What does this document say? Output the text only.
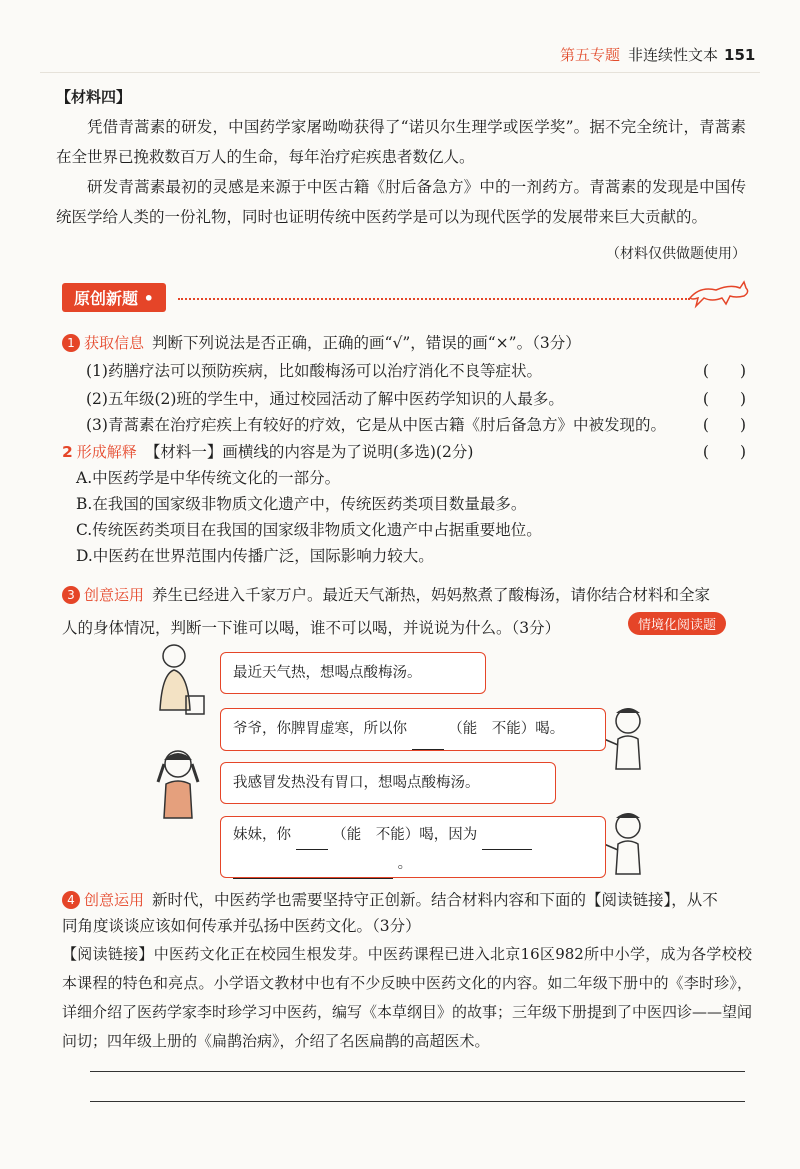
第五专题 非连续性文本 151
【材料四】
凭借青蒿素的研发，中国药学家屠呦呦获得了“诺贝尔生理学或医学奖”。据不完全统计，青蒿素在全世界已挽救数百万人的生命，每年治疗疟疾患者数亿人。
研发青蒿素最初的灵感是来源于中医古籍《肘后备急方》中的一剂药方。青蒿素的发现是中国传统医学给人类的一份礼物，同时也证明传统中医药学是可以为现代医学的发展带来巨大贡献的。
（材料仅供做题使用）
原创新题 •
1 获取信息 判断下列说法是否正确，正确的画“√”，错误的画“×”。（3分）
(1)药膳疗法可以预防疾病，比如酸梅汤可以治疗消化不良等症状。	(　　)
(2)五年级(2)班的学生中，通过校园活动了解中医药学知识的人最多。	(　　)
(3)青蒿素在治疗疟疾上有较好的疗效，它是从中医古籍《肘后备急方》中被发现的。 (　　)
2 形成解释 【材料一】画横线的内容是为了说明(多选)(2分)	(　　)
A.中医药学是中华传统文化的一部分。
B.在我国的国家级非物质文化遗产中，传统医药类项目数量最多。
C.传统医药类项目在我国的国家级非物质文化遗产中占据重要地位。
D.中医药在世界范围内传播广泛，国际影响力较大。
3 创意运用 养生已经进入千家万户。最近天气渐热，妈妈熬煮了酸梅汤，请你结合材料和全家
人的身体情况，判断一下谁可以喝，谁不可以喝，并说说为什么。（3分）	情境化阅读题
最近天气热，想喝点酸梅汤。
爷爷，你脾胃虚寒，所以你	（能　不能）喝。
我感冒发热没有胃口，想喝点酸梅汤。
妹妹，你	（能　不能）喝，因为
。
4 创意运用 新时代，中医药学也需要坚持守正创新。结合材料内容和下面的【阅读链接】，从不
同角度谈谈应该如何传承并弘扬中医药文化。（3分）
【阅读链接】中医药文化正在校园生根发芽。中医药课程已进入北京16区982所中小学，成为各学校校本课程的特色和亮点。小学语文教材中也有不少反映中医药文化的内容。如二年级下册中的《李时珍》，详细介绍了医药学家李时珍学习中医药，编写《本草纲目》的故事；三年级下册提到了中医四诊——望闻问切；四年级上册的《扁鹊治病》，介绍了名医扁鹊的高超医术。
